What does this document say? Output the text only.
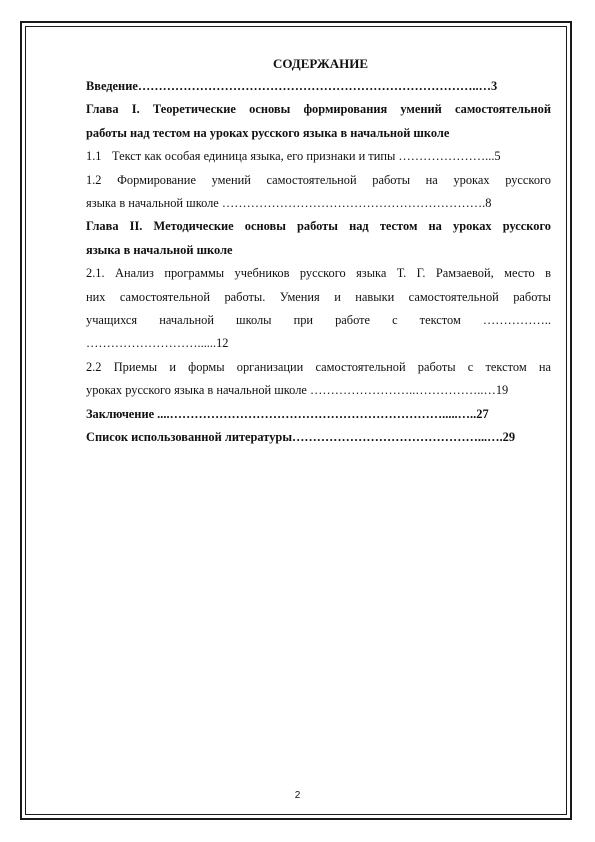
СОДЕРЖАНИЕ

Введение………………………………………………………………………..…3

Глава I. Теоретические основы формирования умений самостоятельной

работы над тестом на уроках русского языка в начальной школе

1.1 Текст как особая единица языка, его признаки и типы …………………...5

1.2 Формирование умений самостоятельной работы на уроках русского

языка в начальной школе ……………………………………………………….8

Глава II. Методические основы работы над тестом на уроках русского

языка в начальной школе

2.1. Анализ программы учебников русского языка Т. Г. Рамзаевой, место в

них самостоятельной работы. Умения и навыки самостоятельной работы

учащихся начальной школы при работе с текстом ……………..

………………………......12

2.2 Приемы и формы организации самостоятельной работы с текстом на

уроках русского языка в начальной школе ……………………..……………..…19

Заключение ....………………………………………………………….....…..27

Список использованной литературы………………………………………...….29

2
